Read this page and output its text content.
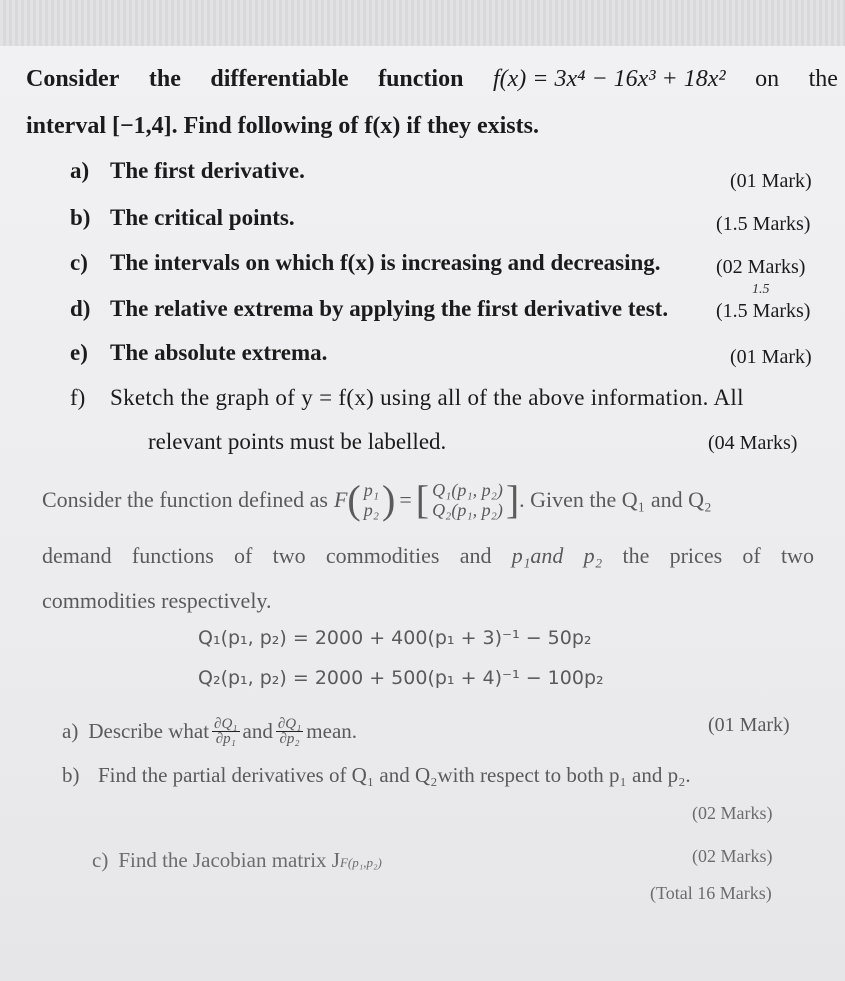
Consider the differentiable function f(x) = 3x⁴ − 16x³ + 18x² on the
interval [−1,4]. Find following of f(x) if they exists.
a) The first derivative.	(01 Mark)
b) The critical points.	(1.5 Marks)
c) The intervals on which f(x) is increasing and decreasing.	(02 Marks)
1.5
d) The relative extrema by applying the first derivative test. (1.5 Marks)
e) The absolute extrema.	(01 Mark)
f) Sketch the graph of y = f(x) using all of the above information. All
relevant points must be labelled.	(04 Marks)
Consider the function defined as F ( p₁
p₂ ) = [ Q₁(p₁, p₂)
Q₂(p₁, p₂) ] . Given the Q₁ and Q₂
demand functions of two commodities and p₁and p₂ the prices of two
commodities respectively.
Q₁(p₁, p₂) = 2000 + 400(p₁ + 3)⁻¹ − 50p₂
Q₂(p₁, p₂) = 2000 + 500(p₁ + 4)⁻¹ − 100p₂
a) Describe what $\frac{\text{∂Q₁}}{\text{∂p₁}}$ and $\frac{\text{∂Q₁}}{\text{∂p₂}}$ mean.	(01 Mark)
b) Find the partial derivatives of Q₁ and Q₂with respect to both p₁ and p₂.
(02 Marks)
c) Find the Jacobian matrix J F(p₁,p₂)	(02 Marks)
(Total 16 Marks)
